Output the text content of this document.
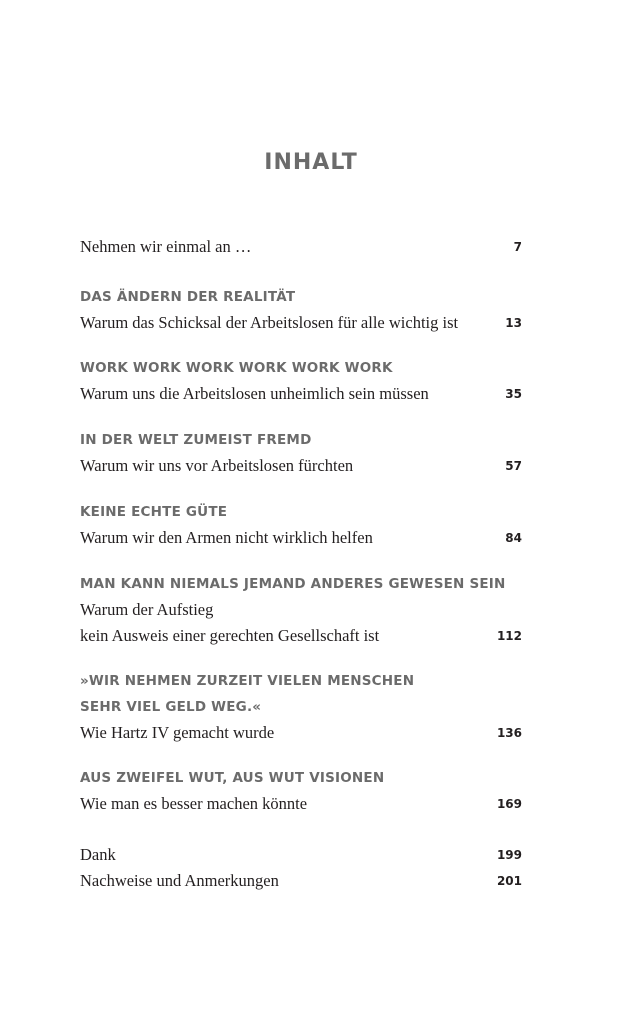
INHALT
Nehmen wir einmal an …	7
DAS ÄNDERN DER REALITÄT
Warum das Schicksal der Arbeitslosen für alle wichtig ist	13
WORK WORK WORK WORK WORK WORK
Warum uns die Arbeitslosen unheimlich sein müssen	35
IN DER WELT ZUMEIST FREMD
Warum wir uns vor Arbeitslosen fürchten	57
KEINE ECHTE GÜTE
Warum wir den Armen nicht wirklich helfen	84
MAN KANN NIEMALS JEMAND ANDERES GEWESEN SEIN
Warum der Aufstieg
kein Ausweis einer gerechten Gesellschaft ist	112
»WIR NEHMEN ZURZEIT VIELEN MENSCHEN
SEHR VIEL GELD WEG.«
Wie Hartz IV gemacht wurde	136
AUS ZWEIFEL WUT, AUS WUT VISIONEN
Wie man es besser machen könnte	169
Dank	199
Nachweise und Anmerkungen	201
